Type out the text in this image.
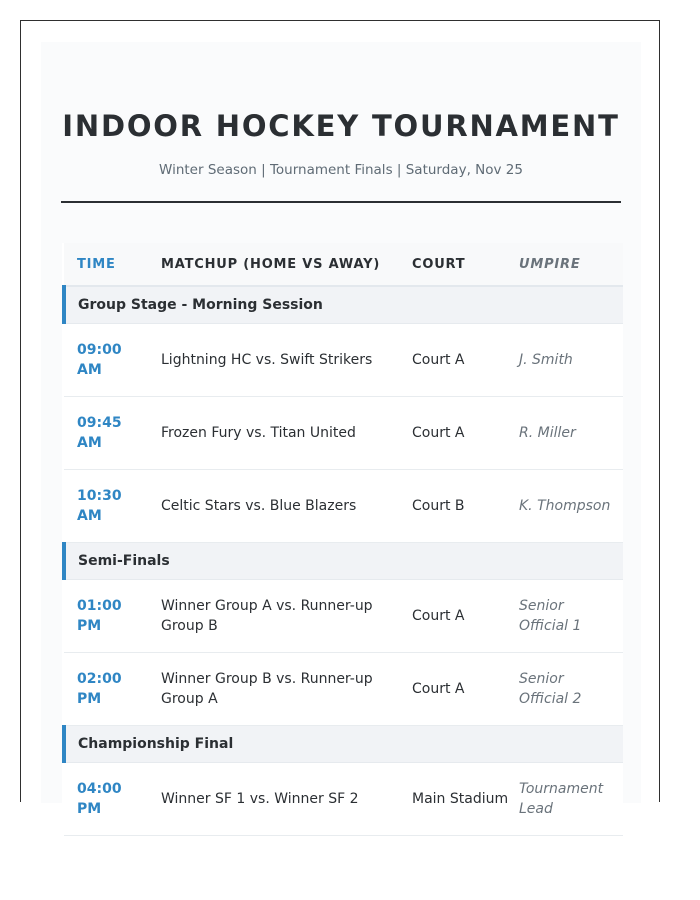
INDOOR HOCKEY TOURNAMENT
Winter Season | Tournament Finals | Saturday, Nov 25
TIME	MATCHUP (HOME VS AWAY)	COURT	UMPIRE
Group Stage - Morning Session			
09:00 AM	Lightning HC vs. Swift Strikers	Court A	J. Smith
09:45 AM	Frozen Fury vs. Titan United	Court A	R. Miller
10:30 AM	Celtic Stars vs. Blue Blazers	Court B	K. Thompson
Semi-Finals			
01:00 PM	Winner Group A vs. Runner-up Group B	Court A	Senior Official 1
02:00 PM	Winner Group B vs. Runner-up Group A	Court A	Senior Official 2
Championship Final			
04:00 PM	Winner SF 1 vs. Winner SF 2	Main Stadium	Tournament Lead
